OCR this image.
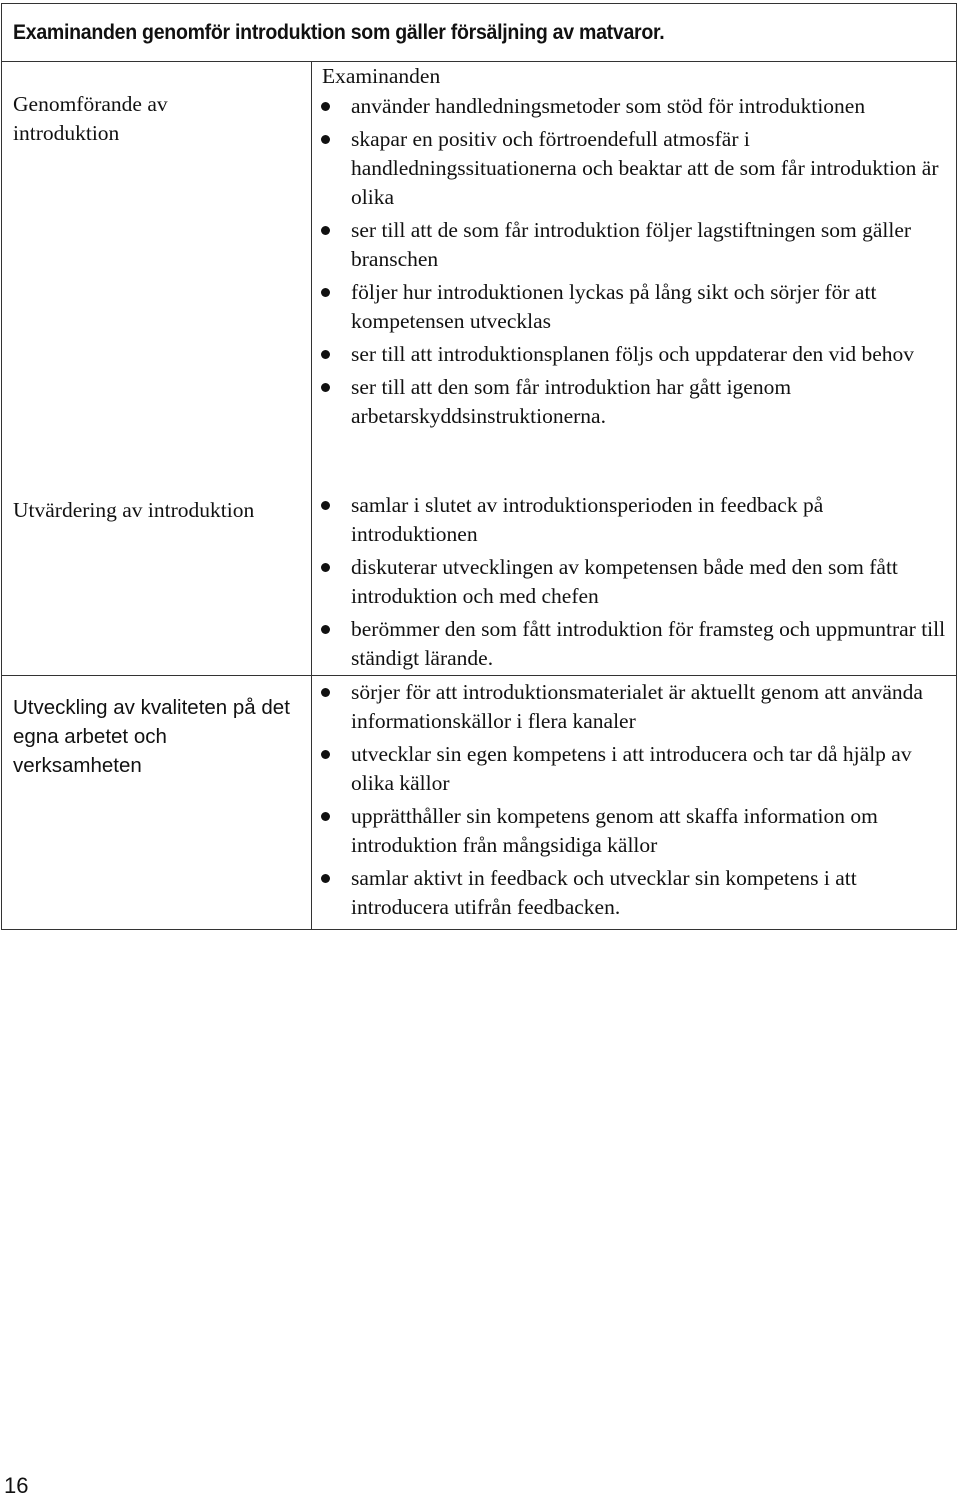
Examinanden genomför introduktion som gäller försäljning av matvaror.
Genomförande av introduktion
Utvärdering av introduktion
Utveckling av kvaliteten på det egna arbetet och verksamheten
Examinanden
använder handledningsmetoder som stöd för introduktionen
skapar en positiv och förtroendefull atmosfär i handledningssituationerna och beaktar att de som får introduktion är olika
ser till att de som får introduktion följer lagstiftningen som gäller branschen
följer hur introduktionen lyckas på lång sikt och sörjer för att kompetensen utvecklas
ser till att introduktionsplanen följs och uppdaterar den vid behov
ser till att den som får introduktion har gått igenom arbetarskyddsinstruktionerna.
samlar i slutet av introduktionsperioden in feedback på introduktionen
diskuterar utvecklingen av kompetensen både med den som fått introduktion och med chefen
berömmer den som fått introduktion för framsteg och uppmuntrar till ständigt lärande.
sörjer för att introduktionsmaterialet är aktuellt genom att använda informationskällor i flera kanaler
utvecklar sin egen kompetens i att introducera och tar då hjälp av olika källor
upprätthåller sin kompetens genom att skaffa information om introduktion från mångsidiga källor
samlar aktivt in feedback och utvecklar sin kompetens i att introducera utifrån feedbacken.
16
